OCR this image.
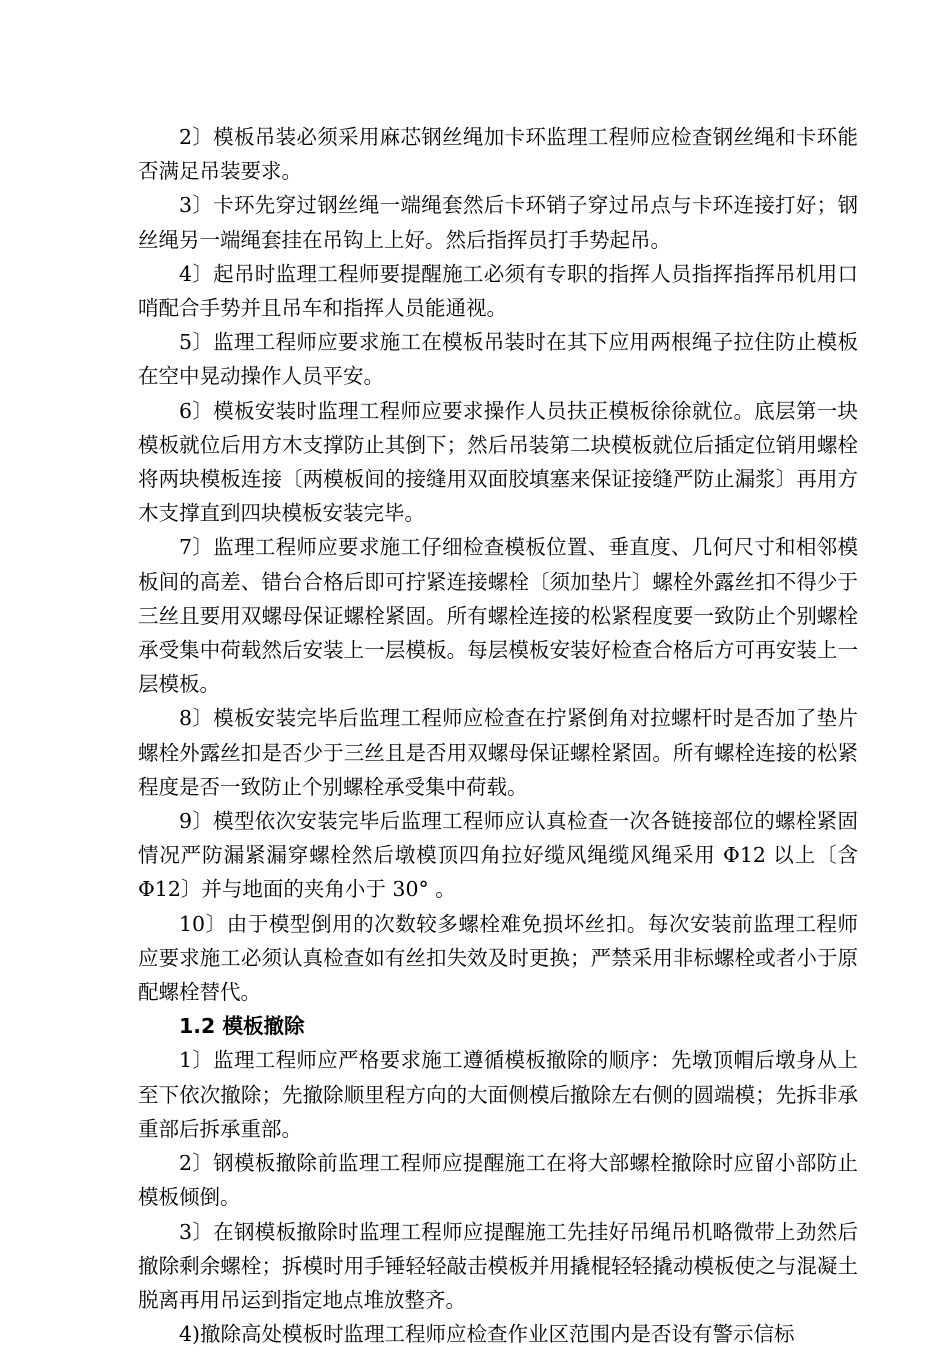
2〕模板吊装必须采用麻芯钢丝绳加卡环监理工程师应检查钢丝绳和卡环能否满足吊装要求。

3〕卡环先穿过钢丝绳一端绳套然后卡环销子穿过吊点与卡环连接打好；钢丝绳另一端绳套挂在吊钩上上好。然后指挥员打手势起吊。

4〕起吊时监理工程师要提醒施工必须有专职的指挥人员指挥指挥吊机用口哨配合手势并且吊车和指挥人员能通视。

5〕监理工程师应要求施工在模板吊装时在其下应用两根绳子拉住防止模板在空中晃动操作人员平安。

6〕模板安装时监理工程师应要求操作人员扶正模板徐徐就位。底层第一块模板就位后用方木支撑防止其倒下；然后吊装第二块模板就位后插定位销用螺栓将两块模板连接〔两模板间的接缝用双面胶填塞来保证接缝严防止漏浆〕再用方木支撑直到四块模板安装完毕。

7〕监理工程师应要求施工仔细检查模板位置、垂直度、几何尺寸和相邻模板间的高差、错台合格后即可拧紧连接螺栓〔须加垫片〕螺栓外露丝扣不得少于三丝且要用双螺母保证螺栓紧固。所有螺栓连接的松紧程度要一致防止个别螺栓承受集中荷载然后安装上一层模板。每层模板安装好检查合格后方可再安装上一层模板。

8〕模板安装完毕后监理工程师应检查在拧紧倒角对拉螺杆时是否加了垫片螺栓外露丝扣是否少于三丝且是否用双螺母保证螺栓紧固。所有螺栓连接的松紧程度是否一致防止个别螺栓承受集中荷载。

9〕模型依次安装完毕后监理工程师应认真检查一次各链接部位的螺栓紧固情况严防漏紧漏穿螺栓然后墩模顶四角拉好缆风绳缆风绳采用 Φ12 以上〔含 Φ12〕并与地面的夹角小于 30° 。

10〕由于模型倒用的次数较多螺栓难免损坏丝扣。每次安装前监理工程师应要求施工必须认真检查如有丝扣失效及时更换；严禁采用非标螺栓或者小于原配螺栓替代。

1.2 模板撤除

1〕监理工程师应严格要求施工遵循模板撤除的顺序：先墩顶帽后墩身从上至下依次撤除；先撤除顺里程方向的大面侧模后撤除左右侧的圆端模；先拆非承重部后拆承重部。

2〕钢模板撤除前监理工程师应提醒施工在将大部螺栓撤除时应留小部防止模板倾倒。

3〕在钢模板撤除时监理工程师应提醒施工先挂好吊绳吊机略微带上劲然后撤除剩余螺栓；拆模时用手锤轻轻敲击模板并用撬棍轻轻撬动模板使之与混凝土脱离再用吊运到指定地点堆放整齐。

4)撤除高处模板时监理工程师应检查作业区范围内是否设有警示信标
